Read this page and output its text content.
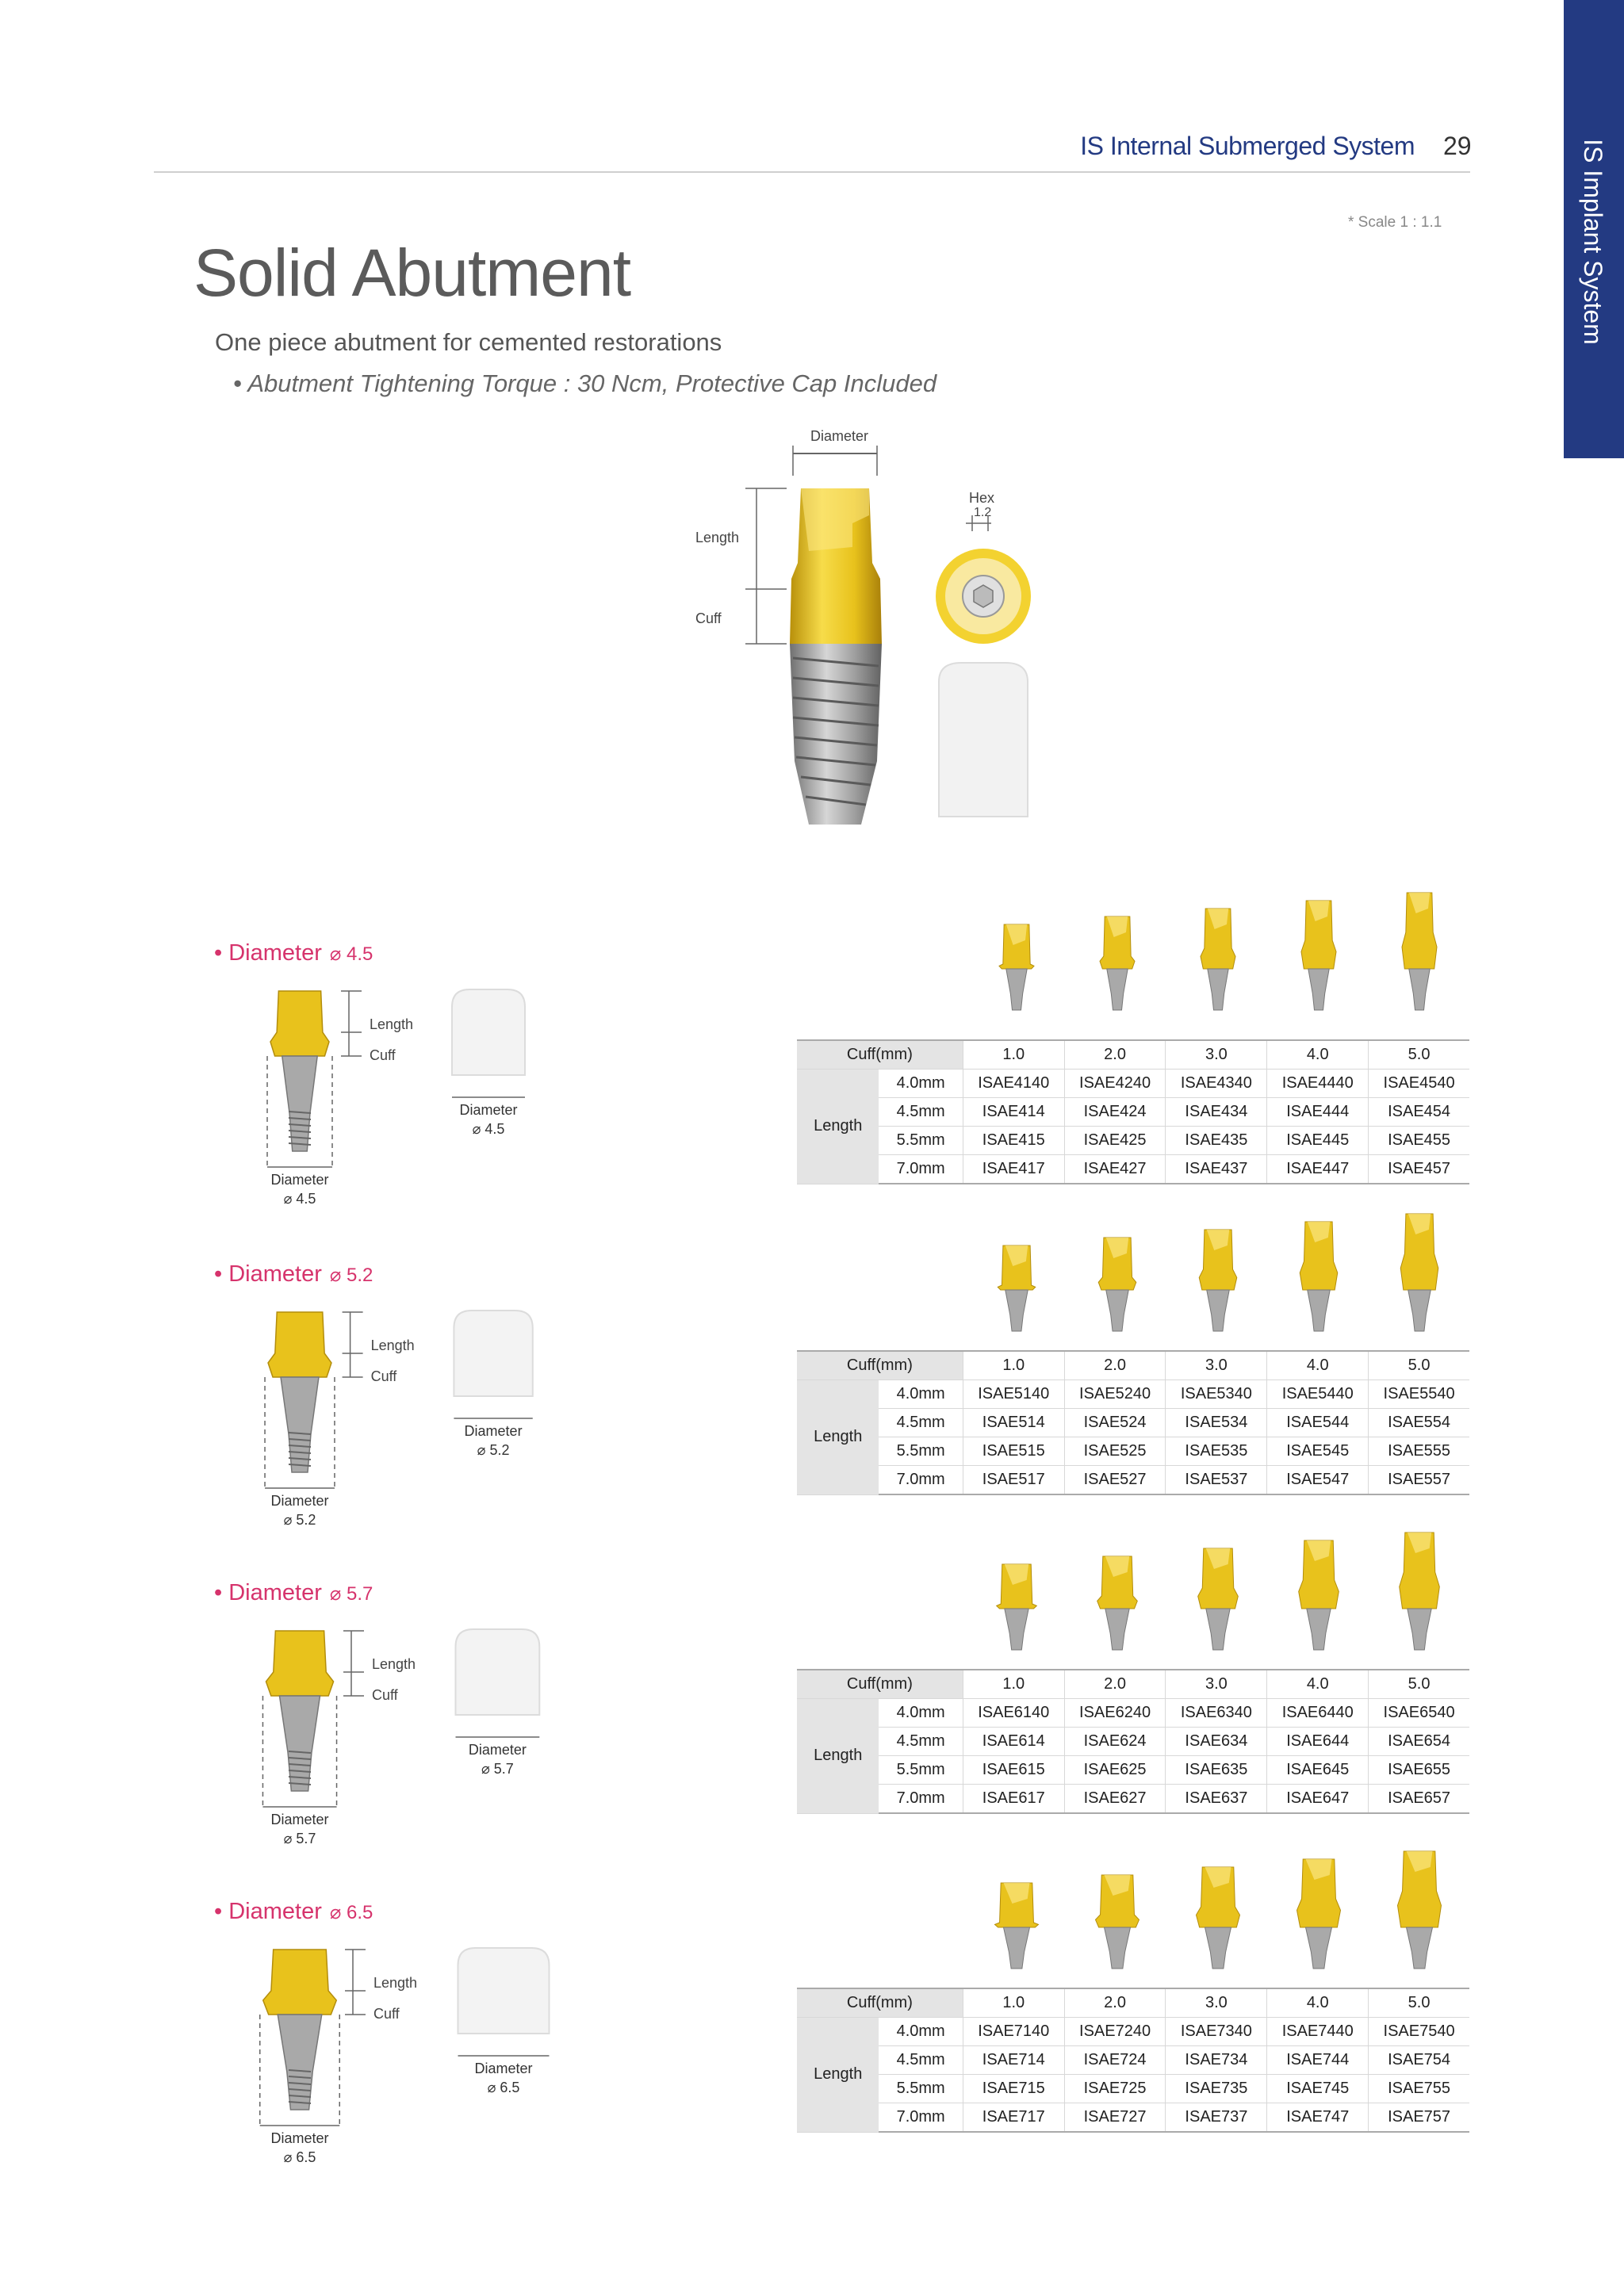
IS Implant System
IS Internal Submerged System 29
* Scale 1 : 1.1
Solid Abutment
One piece abutment for cemented restorations
• Abutment Tightening Torque : 30 Ncm, Protective Cap Included
Diameter
Length
Cuff
Hex
1.2
• Diameter ⌀ 4.5
Length
Cuff
Diameter
⌀ 4.5
Diameter
⌀ 4.5
Cuff(mm)		1.0	2.0	3.0	4.0	5.0
Length	4.0mm	ISAE4140	ISAE4240	ISAE4340	ISAE4440	ISAE4540
	4.5mm	ISAE414	ISAE424	ISAE434	ISAE444	ISAE454
	5.5mm	ISAE415	ISAE425	ISAE435	ISAE445	ISAE455
	7.0mm	ISAE417	ISAE427	ISAE437	ISAE447	ISAE457
• Diameter ⌀ 5.2
Length
Cuff
Diameter
⌀ 5.2
Diameter
⌀ 5.2
Cuff(mm)		1.0	2.0	3.0	4.0	5.0
Length	4.0mm	ISAE5140	ISAE5240	ISAE5340	ISAE5440	ISAE5540
	4.5mm	ISAE514	ISAE524	ISAE534	ISAE544	ISAE554
	5.5mm	ISAE515	ISAE525	ISAE535	ISAE545	ISAE555
	7.0mm	ISAE517	ISAE527	ISAE537	ISAE547	ISAE557
• Diameter ⌀ 5.7
Length
Cuff
Diameter
⌀ 5.7
Diameter
⌀ 5.7
Cuff(mm)		1.0	2.0	3.0	4.0	5.0
Length	4.0mm	ISAE6140	ISAE6240	ISAE6340	ISAE6440	ISAE6540
	4.5mm	ISAE614	ISAE624	ISAE634	ISAE644	ISAE654
	5.5mm	ISAE615	ISAE625	ISAE635	ISAE645	ISAE655
	7.0mm	ISAE617	ISAE627	ISAE637	ISAE647	ISAE657
• Diameter ⌀ 6.5
Length
Cuff
Diameter
⌀ 6.5
Diameter
⌀ 6.5
Cuff(mm)		1.0	2.0	3.0	4.0	5.0
Length	4.0mm	ISAE7140	ISAE7240	ISAE7340	ISAE7440	ISAE7540
	4.5mm	ISAE714	ISAE724	ISAE734	ISAE744	ISAE754
	5.5mm	ISAE715	ISAE725	ISAE735	ISAE745	ISAE755
	7.0mm	ISAE717	ISAE727	ISAE737	ISAE747	ISAE757
